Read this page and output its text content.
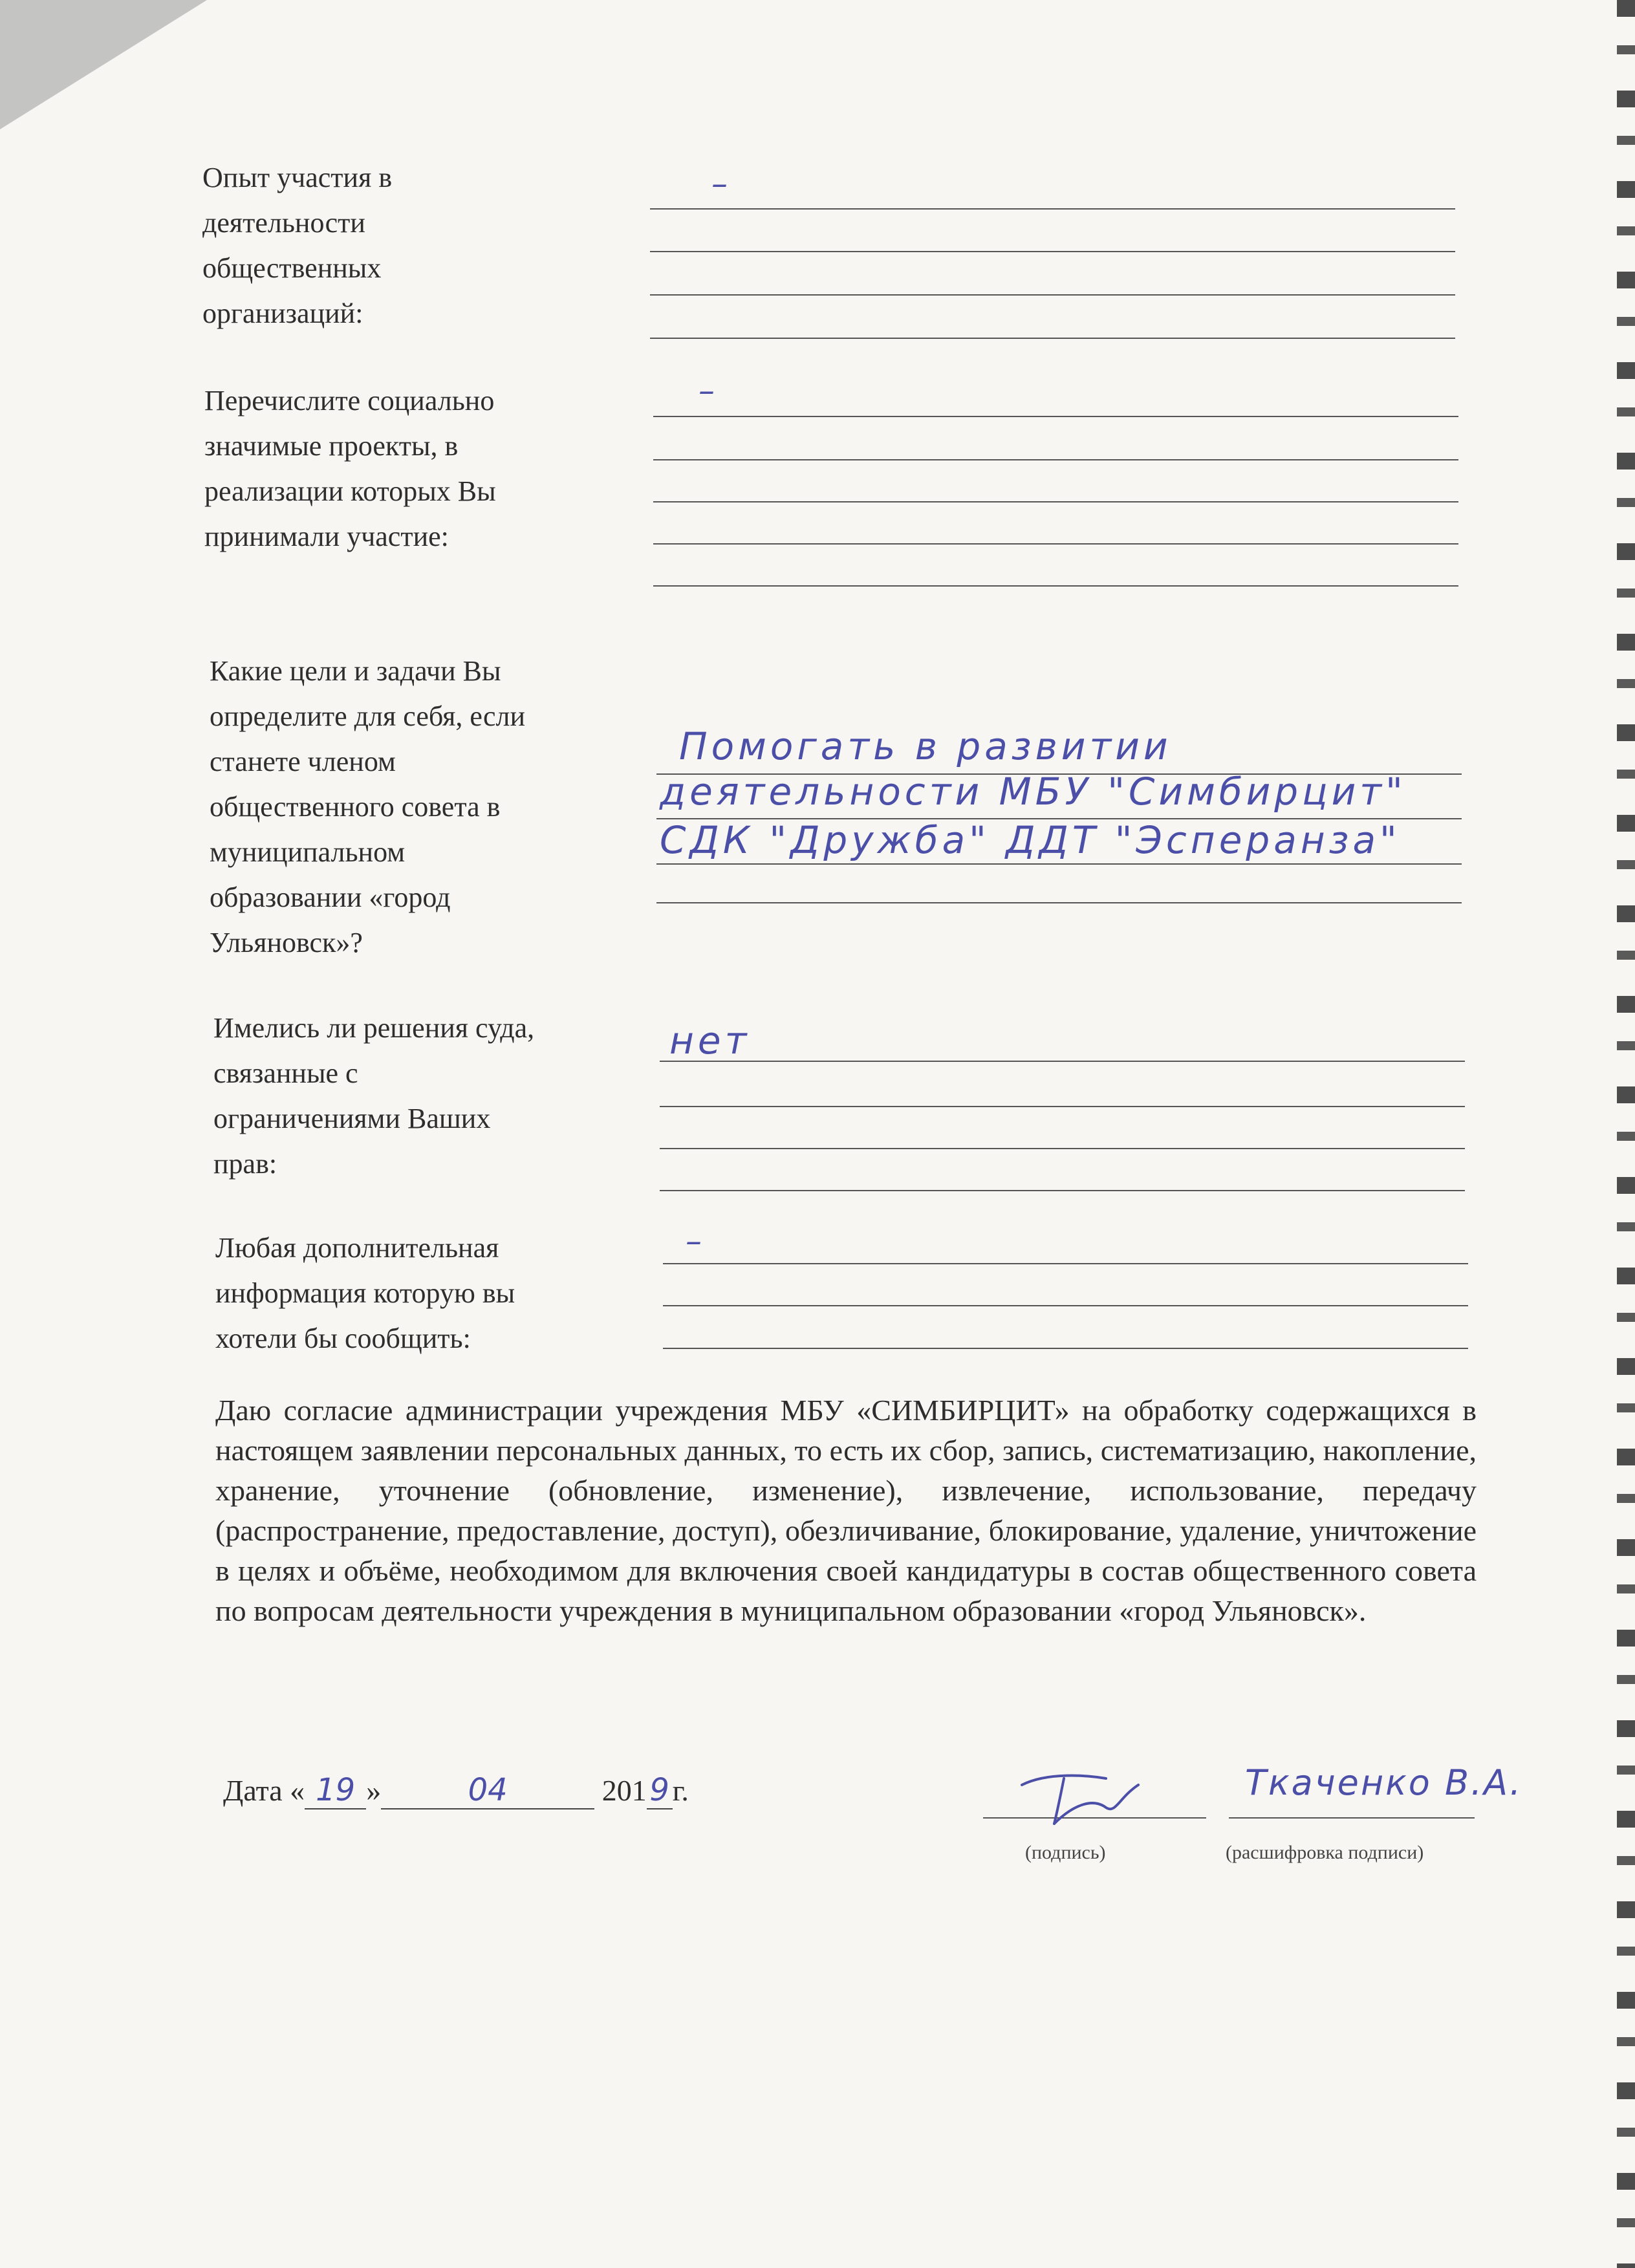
Опыт участия в
деятельности
общественных
организаций:
–
Перечислите социально
значимые проекты, в
реализации которых Вы
принимали участие:
–
Какие цели и задачи Вы
определите для себя, если
станете членом
общественного совета в
муниципальном
образовании «город
Ульяновск»?
Помогать в развитии
деятельности МБУ "Симбирцит"
СДК "Дружба" ДДТ "Эсперанза"
Имелись ли решения суда,
связанные с
ограничениями Ваших
прав:
нет
Любая дополнительная
информация которую вы
хотели бы сообщить:
–
Даю согласие администрации учреждения МБУ «СИМБИРЦИТ» на обработку содержащихся в настоящем заявлении персональных данных, то есть их сбор, запись, систематизацию, накопление, хранение, уточнение (обновление, изменение), извлечение, использование, передачу (распространение, предоставление, доступ), обезличивание, блокирование, удаление, уничтожение в целях и объёме, необходимом для включения своей кандидатуры в состав общественного совета по вопросам деятельности учреждения в муниципальном образовании «город Ульяновск».
Дата « 19 »	04	2019 г.	Ткаченко В.А.
(подпись)	(расшифровка подписи)
